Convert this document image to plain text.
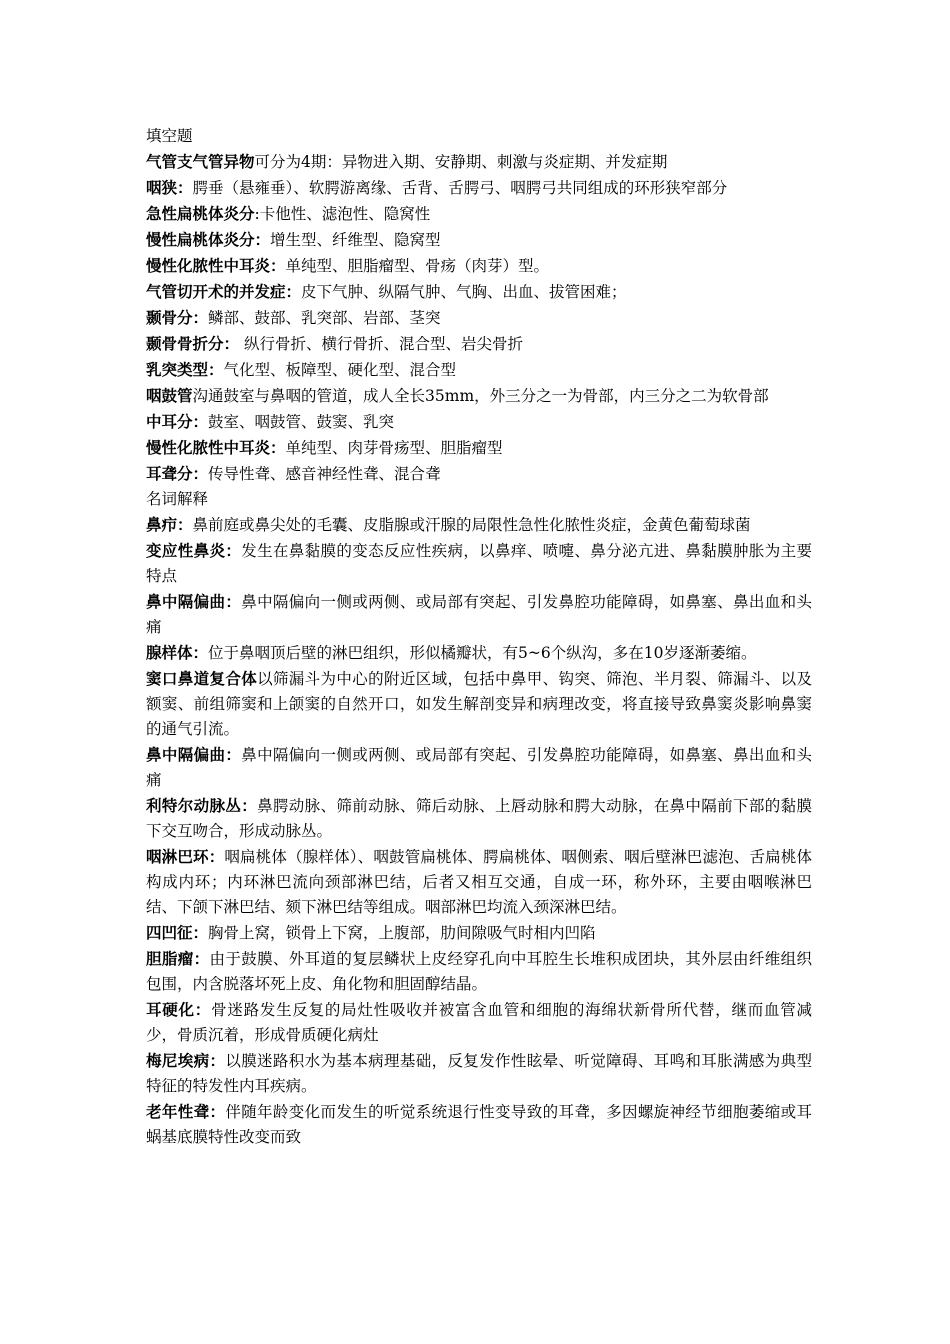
填空题

气管支气管异物可分为4期：异物进入期、安静期、刺激与炎症期、并发症期

咽狭：腭垂（悬雍垂）、软腭游离缘、舌背、舌腭弓、咽腭弓共同组成的环形狭窄部分

急性扁桃体炎分:卡他性、滤泡性、隐窝性

慢性扁桃体炎分：增生型、纤维型、隐窝型

慢性化脓性中耳炎：单纯型、胆脂瘤型、骨疡（肉芽）型。

气管切开术的并发症：皮下气肿、纵隔气肿、气胸、出血、拔管困难；

颞骨分：鳞部、鼓部、乳突部、岩部、茎突

颞骨骨折分： 纵行骨折、横行骨折、混合型、岩尖骨折

乳突类型：气化型、板障型、硬化型、混合型

咽鼓管沟通鼓室与鼻咽的管道，成人全长35mm，外三分之一为骨部，内三分之二为软骨部

中耳分：鼓室、咽鼓管、鼓窦、乳突

慢性化脓性中耳炎：单纯型、肉芽骨疡型、胆脂瘤型

耳聋分：传导性聋、感音神经性聋、混合聋

名词解释

鼻疖：鼻前庭或鼻尖处的毛囊、皮脂腺或汗腺的局限性急性化脓性炎症，金黄色葡萄球菌

变应性鼻炎：发生在鼻黏膜的变态反应性疾病，以鼻痒、喷嚏、鼻分泌亢进、鼻黏膜肿胀为主要特点

鼻中隔偏曲：鼻中隔偏向一侧或两侧、或局部有突起、引发鼻腔功能障碍，如鼻塞、鼻出血和头痛

腺样体：位于鼻咽顶后壁的淋巴组织，形似橘瓣状，有5~6个纵沟，多在10岁逐渐萎缩。

窦口鼻道复合体以筛漏斗为中心的附近区域，包括中鼻甲、钩突、筛泡、半月裂、筛漏斗、以及额窦、前组筛窦和上颌窦的自然开口，如发生解剖变异和病理改变，将直接导致鼻窦炎影响鼻窦的通气引流。

鼻中隔偏曲：鼻中隔偏向一侧或两侧、或局部有突起、引发鼻腔功能障碍，如鼻塞、鼻出血和头痛

利特尔动脉丛：鼻腭动脉、筛前动脉、筛后动脉、上唇动脉和腭大动脉，在鼻中隔前下部的黏膜下交互吻合，形成动脉丛。

咽淋巴环：咽扁桃体（腺样体）、咽鼓管扁桃体、腭扁桃体、咽侧索、咽后壁淋巴滤泡、舌扁桃体构成内环；内环淋巴流向颈部淋巴结，后者又相互交通，自成一环，称外环，主要由咽喉淋巴结、下颌下淋巴结、颏下淋巴结等组成。咽部淋巴均流入颈深淋巴结。

四凹征：胸骨上窝，锁骨上下窝，上腹部，肋间隙吸气时相内凹陷

胆脂瘤：由于鼓膜、外耳道的复层鳞状上皮经穿孔向中耳腔生长堆积成团块，其外层由纤维组织包围，内含脱落坏死上皮、角化物和胆固醇结晶。

耳硬化：骨迷路发生反复的局灶性吸收并被富含血管和细胞的海绵状新骨所代替，继而血管减少，骨质沉着，形成骨质硬化病灶

梅尼埃病：以膜迷路积水为基本病理基础，反复发作性眩晕、听觉障碍、耳鸣和耳胀满感为典型特征的特发性内耳疾病。

老年性聋：伴随年龄变化而发生的听觉系统退行性变导致的耳聋，多因螺旋神经节细胞萎缩或耳蜗基底膜特性改变而致
